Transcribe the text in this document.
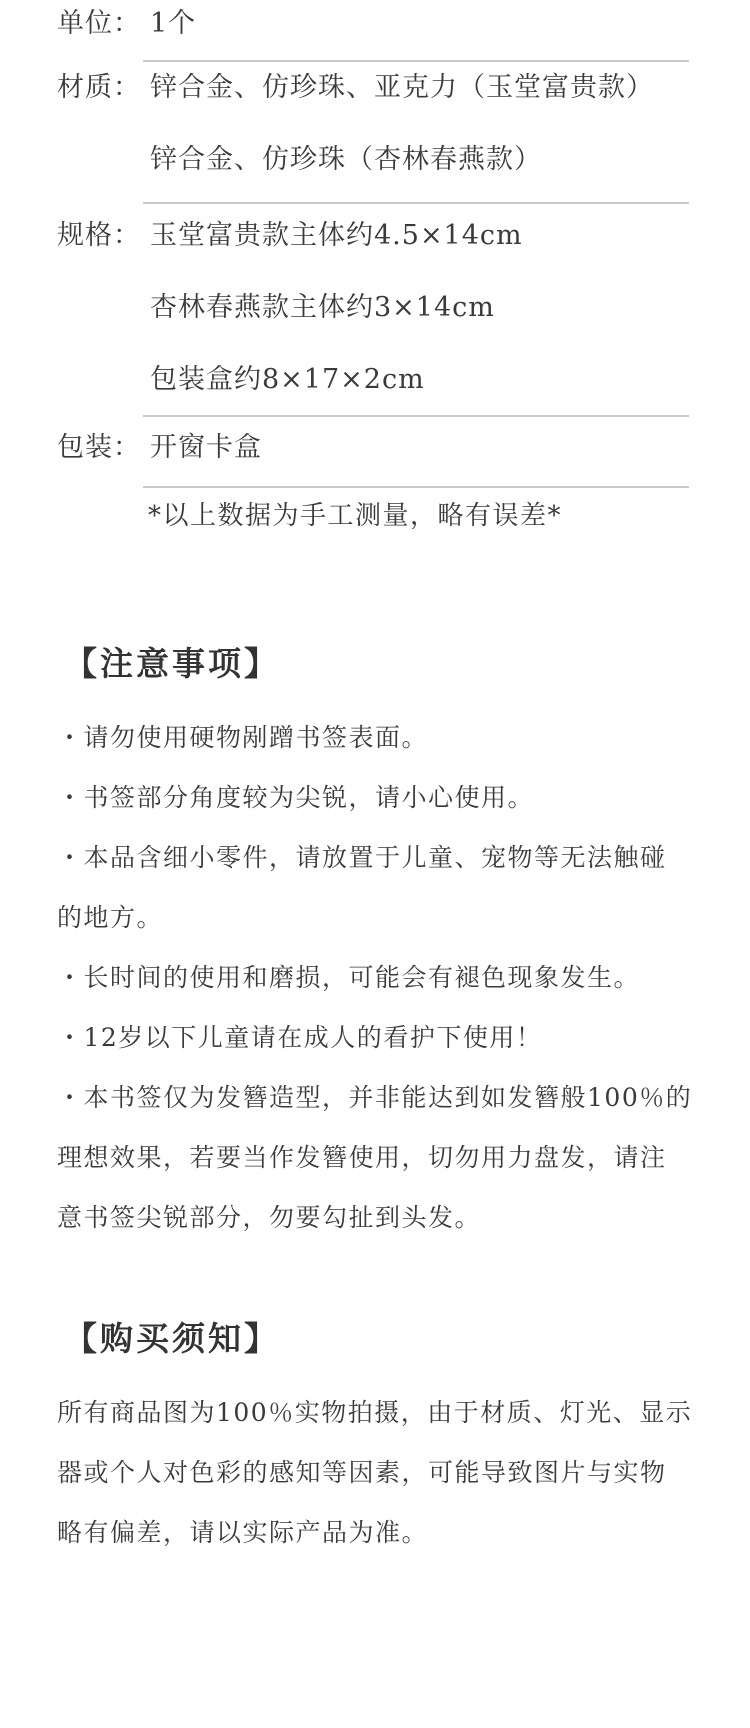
单位： 1个
材质： 锌合金、仿珍珠、亚克力（玉堂富贵款）
锌合金、仿珍珠（杏林春燕款）
规格： 玉堂富贵款主体约4.5×14cm
杏林春燕款主体约3×14cm
包装盒约8×17×2cm
包装： 开窗卡盒
*以上数据为手工测量，略有误差*
【注意事项】
・请勿使用硬物剐蹭书签表面。
・书签部分角度较为尖锐，请小心使用。
・本品含细小零件，请放置于儿童、宠物等无法触碰
的地方。
・长时间的使用和磨损，可能会有褪色现象发生。
・12岁以下儿童请在成人的看护下使用！
・本书签仅为发簪造型，并非能达到如发簪般100％的
理想效果，若要当作发簪使用，切勿用力盘发，请注
意书签尖锐部分，勿要勾扯到头发。
【购买须知】
所有商品图为100％实物拍摄，由于材质、灯光、显示
器或个人对色彩的感知等因素，可能导致图片与实物
略有偏差，请以实际产品为准。
